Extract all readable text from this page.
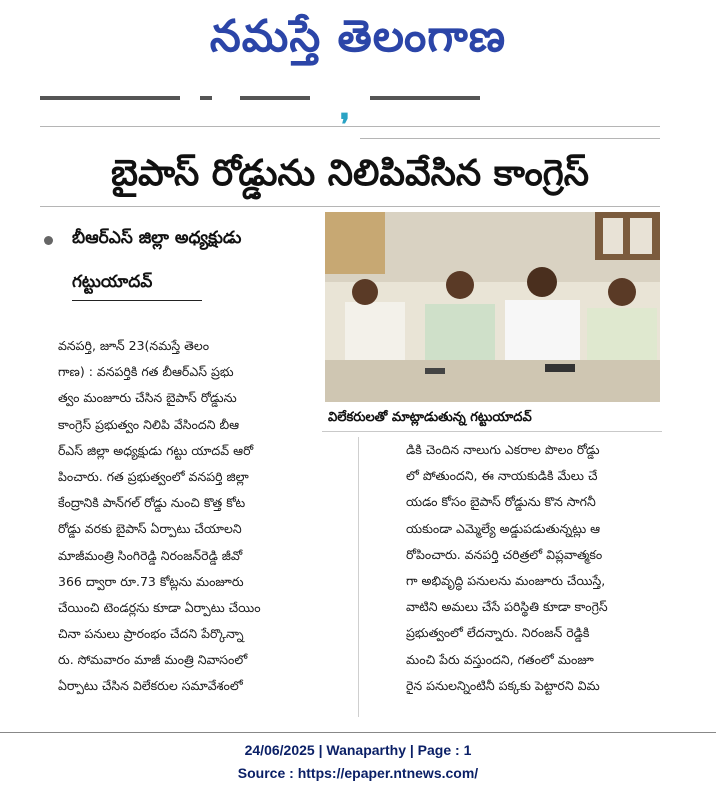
నమస్తే తెలంగాణ
❜
బైపాస్ రోడ్డును నిలిపివేసిన కాంగ్రెస్
బీఆర్ఎస్ జిల్లా అధ్యక్షుడు
గట్టుయాదవ్
విలేకరులతో మాట్లాడుతున్న గట్టుయాదవ్
వనపర్తి, జూన్ 23(నమస్తే తెలం
గాణ) : వనపర్తికి గత బీఆర్ఎస్ ప్రభు
త్వం మంజూరు చేసిన బైపాస్ రోడ్డును
కాంగ్రెస్ ప్రభుత్వం నిలిపి వేసిందని బీఆ
ర్ఎస్ జిల్లా అధ్యక్షుడు గట్టు యాదవ్ ఆరో
పించారు. గత ప్రభుత్వంలో వనపర్తి జిల్లా
కేంద్రానికి పాన్‌గల్ రోడ్డు నుంచి కొత్త కోట
రోడ్డు వరకు బైపాస్ ఏర్పాటు చేయాలని
మాజీమంత్రి సింగిరెడ్డి నిరంజన్‌రెడ్డి జీవో
366 ద్వారా రూ.73 కోట్లను మంజూరు
చేయించి టెండర్లను కూడా ఏర్పాటు చేయిం
చినా పనులు ప్రారంభం చేదని పేర్కొన్నా
రు. సోమవారం మాజీ మంత్రి నివాసంలో
ఏర్పాటు చేసిన విలేకరుల సమావేశంలో
డికి చెందిన నాలుగు ఎకరాల పొలం రోడ్డు
లో పోతుందని, ఈ నాయకుడికి మేలు చే
యడం కోసం బైపాస్ రోడ్డును కొన సాగనీ
యకుండా ఎమ్మెల్యే అడ్డుపడుతున్నట్లు ఆ
రోపించారు. వనపర్తి చరిత్రలో విప్లవాత్మకం
గా అభివృద్ధి పనులను మంజూరు చేయిస్తే,
వాటిని అమలు చేసే పరిస్థితి కూడా కాంగ్రెస్
ప్రభుత్వంలో లేదన్నారు. నిరంజన్ రెడ్డికి
మంచి పేరు వస్తుందని, గతంలో మంజూ
రైన పనులన్నింటినీ పక్కకు పెట్టారని విమ
24/06/2025 | Wanaparthy | Page : 1
Source : https://epaper.ntnews.com/
